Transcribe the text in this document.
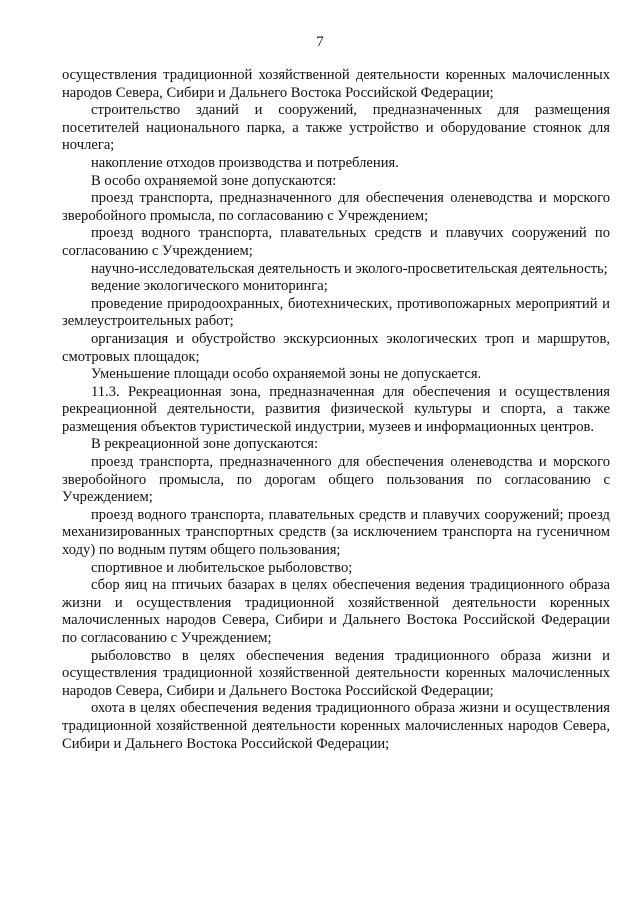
7

осуществления традиционной хозяйственной деятельности коренных малочисленных народов Севера, Сибири и Дальнего Востока Российской Федерации;

строительство зданий и сооружений, предназначенных для размещения посетителей национального парка, а также устройство и оборудование стоянок для ночлега;

накопление отходов производства и потребления.

В особо охраняемой зоне допускаются:

проезд транспорта, предназначенного для обеспечения оленеводства и морского зверобойного промысла, по согласованию с Учреждением;

проезд водного транспорта, плавательных средств и плавучих сооружений по согласованию с Учреждением;

научно-исследовательская деятельность и эколого-просветительская деятельность;

ведение экологического мониторинга;

проведение природоохранных, биотехнических, противопожарных мероприятий и землеустроительных работ;

организация и обустройство экскурсионных экологических троп и маршрутов, смотровых площадок;

Уменьшение площади особо охраняемой зоны не допускается.

11.3. Рекреационная зона, предназначенная для обеспечения и осуществления рекреационной деятельности, развития физической культуры и спорта, а также размещения объектов туристической индустрии, музеев и информационных центров.

В рекреационной зоне допускаются:

проезд транспорта, предназначенного для обеспечения оленеводства и морского зверобойного промысла, по дорогам общего пользования по согласованию с Учреждением;

проезд водного транспорта, плавательных средств и плавучих сооружений; проезд механизированных транспортных средств (за исключением транспорта на гусеничном ходу) по водным путям общего пользования;

спортивное и любительское рыболовство;

сбор яиц на птичьих базарах в целях обеспечения ведения традиционного образа жизни и осуществления традиционной хозяйственной деятельности коренных малочисленных народов Севера, Сибири и Дальнего Востока Российской Федерации по согласованию с Учреждением;

рыболовство в целях обеспечения ведения традиционного образа жизни и осуществления традиционной хозяйственной деятельности коренных малочисленных народов Севера, Сибири и Дальнего Востока Российской Федерации;

охота в целях обеспечения ведения традиционного образа жизни и осуществления традиционной хозяйственной деятельности коренных малочисленных народов Севера, Сибири и Дальнего Востока Российской Федерации;
